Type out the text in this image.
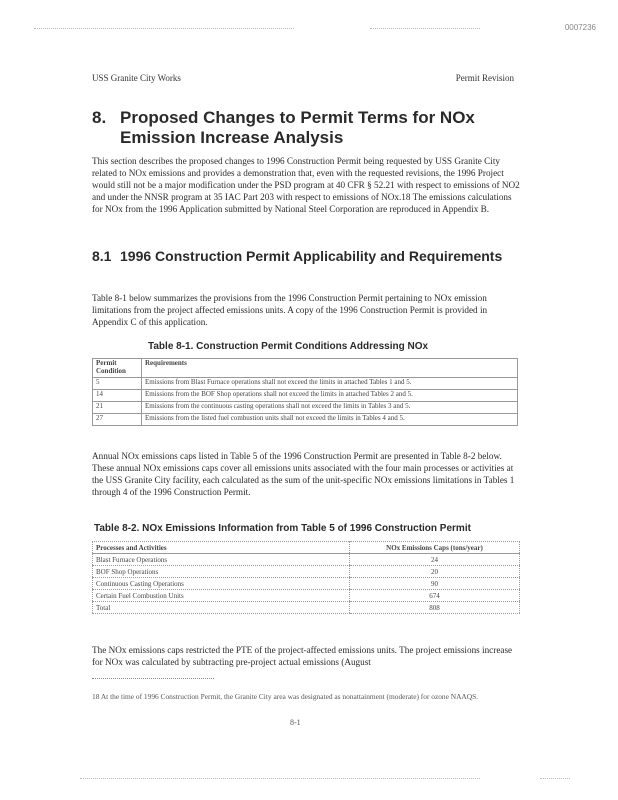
0007236
USS Granite City Works	Permit Revision
8. Proposed Changes to Permit Terms for NOx Emission Increase Analysis
This section describes the proposed changes to 1996 Construction Permit being requested by USS Granite City related to NOx emissions and provides a demonstration that, even with the requested revisions, the 1996 Project would still not be a major modification under the PSD program at 40 CFR § 52.21 with respect to emissions of NO2 and under the NNSR program at 35 IAC Part 203 with respect to emissions of NOx.18 The emissions calculations for NOx from the 1996 Application submitted by National Steel Corporation are reproduced in Appendix B.
8.1 1996 Construction Permit Applicability and Requirements
Table 8-1 below summarizes the provisions from the 1996 Construction Permit pertaining to NOx emission limitations from the project affected emissions units. A copy of the 1996 Construction Permit is provided in Appendix C of this application.
Table 8-1. Construction Permit Conditions Addressing NOx
Permit Condition	Requirements
5	Emissions from Blast Furnace operations shall not exceed the limits in attached Tables 1 and 5.
14	Emissions from the BOF Shop operations shall not exceed the limits in attached Tables 2 and 5.
21	Emissions from the continuous casting operations shall not exceed the limits in Tables 3 and 5.
27	Emissions from the listed fuel combustion units shall not exceed the limits in Tables 4 and 5.
Annual NOx emissions caps listed in Table 5 of the 1996 Construction Permit are presented in Table 8-2 below. These annual NOx emissions caps cover all emissions units associated with the four main processes or activities at the USS Granite City facility, each calculated as the sum of the unit-specific NOx emissions limitations in Tables 1 through 4 of the 1996 Construction Permit.
Table 8-2. NOx Emissions Information from Table 5 of 1996 Construction Permit
Processes and Activities	NOx Emissions Caps (tons/year)
Blast Furnace Operations	24
BOF Shop Operations	20
Continuous Casting Operations	90
Certain Fuel Combustion Units	674
Total	808
The NOx emissions caps restricted the PTE of the project-affected emissions units. The project emissions increase for NOx was calculated by subtracting pre-project actual emissions (August
18 At the time of 1996 Construction Permit, the Granite City area was designated as nonattainment (moderate) for ozone NAAQS.
8-1
